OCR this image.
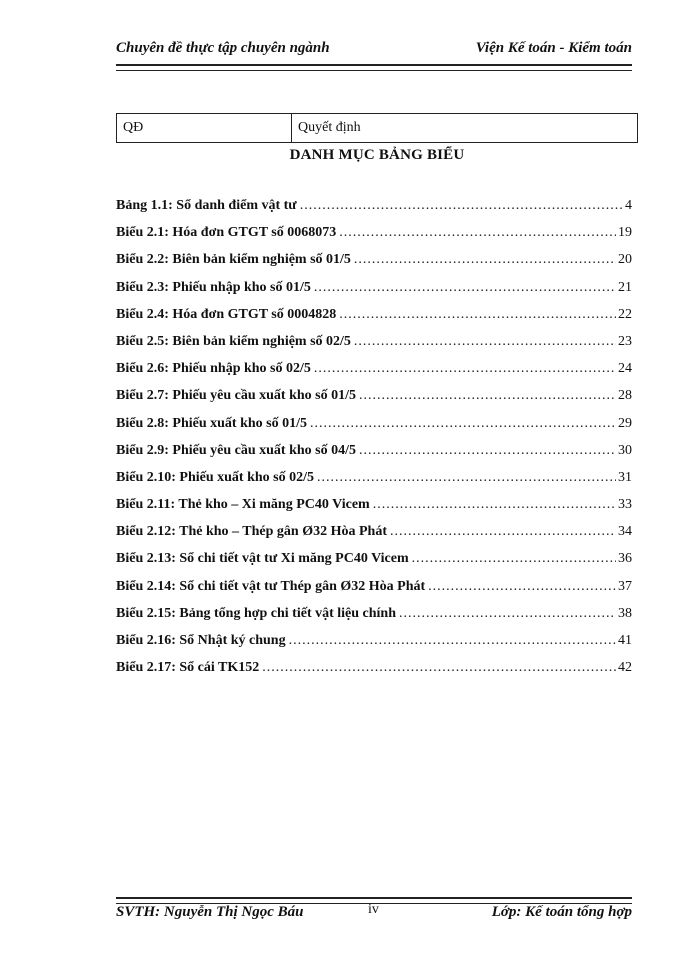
Chuyên đề thực tập chuyên ngành	Viện Kế toán - Kiểm toán
QĐ	Quyết định
DANH MỤC BẢNG BIỂU
Bảng 1.1: Sổ danh điểm vật tư .....	4
Biểu 2.1: Hóa đơn GTGT số 0068073 .....	19
Biểu 2.2: Biên bản kiểm nghiệm số 01/5 .....	20
Biểu 2.3: Phiếu nhập kho số 01/5 .....	21
Biểu 2.4: Hóa đơn GTGT số 0004828 .....	22
Biểu 2.5: Biên bản kiểm nghiệm số 02/5 .....	23
Biểu 2.6: Phiếu nhập kho số 02/5 .....	24
Biểu 2.7: Phiếu yêu cầu xuất kho số 01/5 .....	28
Biểu 2.8: Phiếu xuất kho số 01/5 .....	29
Biểu 2.9: Phiếu yêu cầu xuất kho số 04/5 .....	30
Biểu 2.10: Phiếu xuất kho số 02/5 .....	31
Biểu 2.11: Thẻ kho – Xi măng PC40 Vicem .....	33
Biểu 2.12: Thẻ kho – Thép gân Ø32 Hòa Phát .....	34
Biểu 2.13: Sổ chi tiết vật tư Xi măng PC40 Vicem .....	36
Biểu 2.14: Sổ chi tiết vật tư Thép gân Ø32 Hòa Phát .....	37
Biểu 2.15: Bảng tổng hợp chi tiết vật liệu chính .....	38
Biểu 2.16: Sổ Nhật ký chung .....	41
Biểu 2.17: Sổ cái TK152 .....	42
SVTH: Nguyễn Thị Ngọc Báu	iv	Lớp: Kế toán tổng hợp
